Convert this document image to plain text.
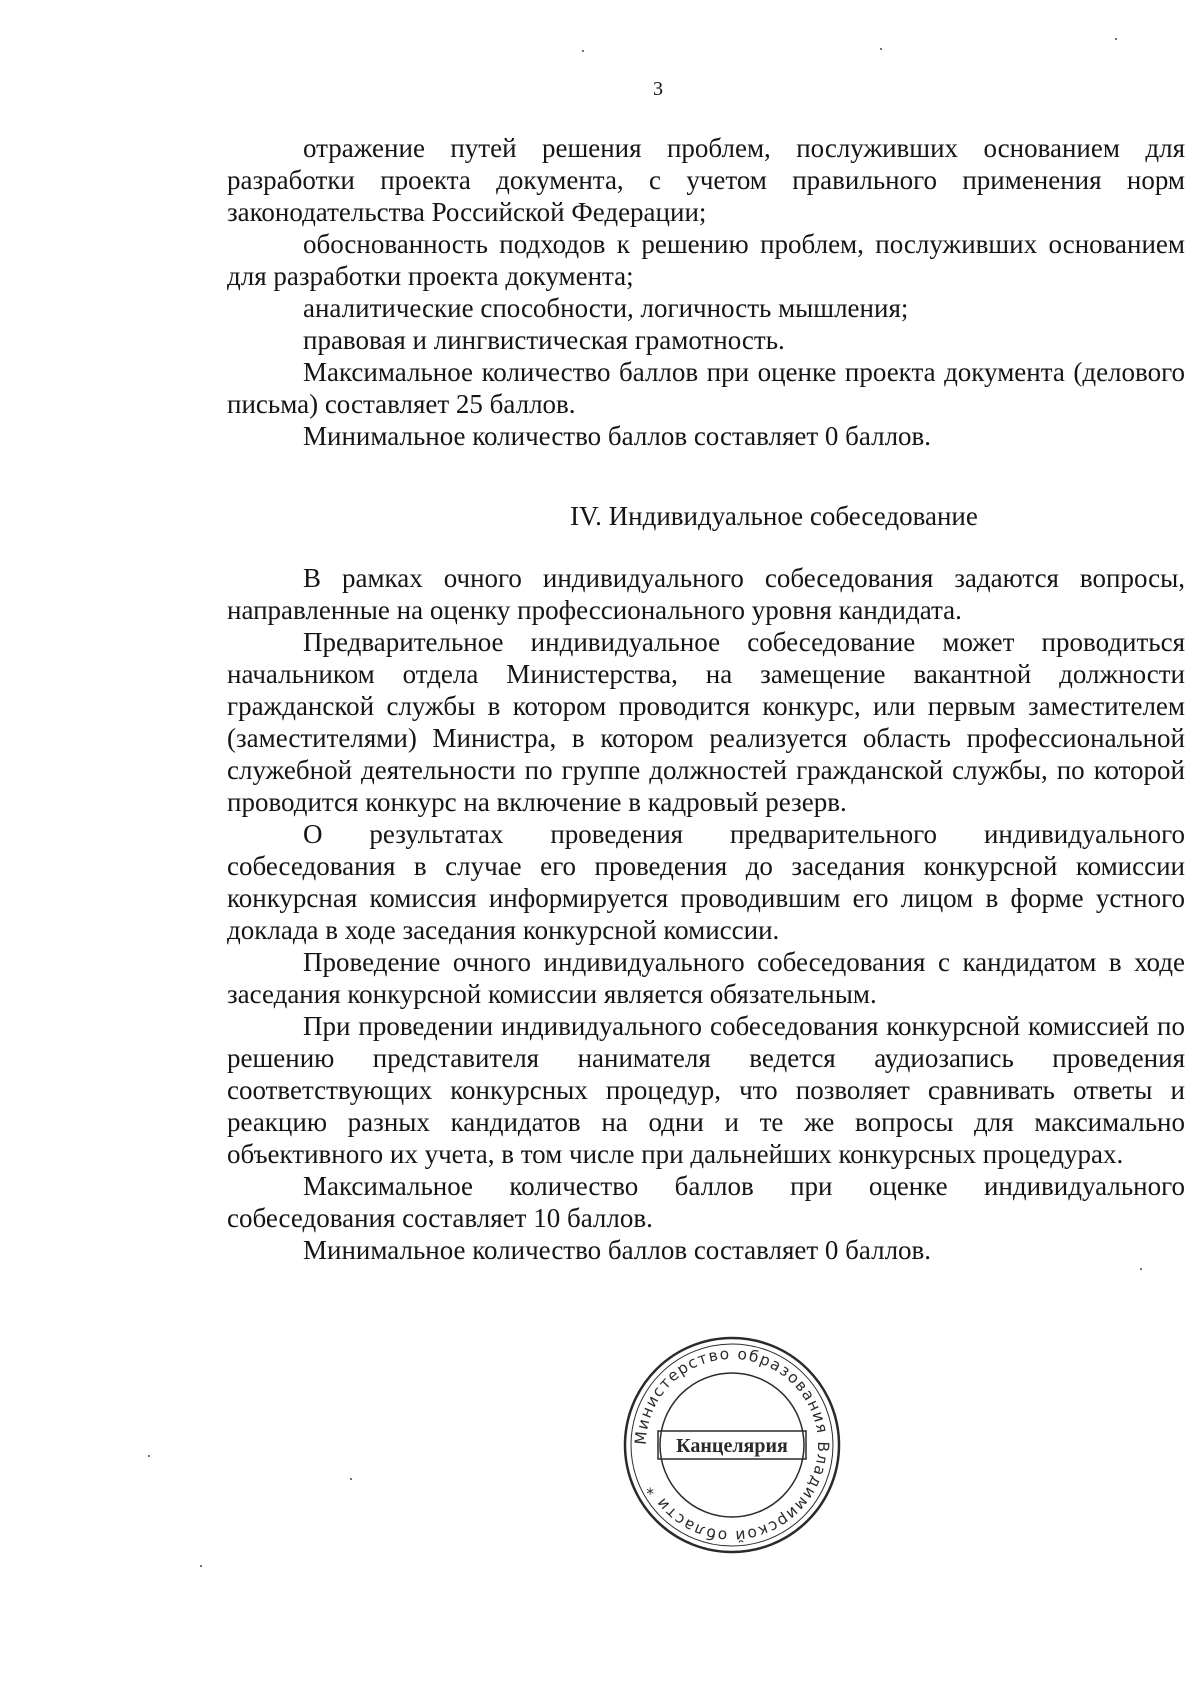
3

отражение путей решения проблем, послуживших основанием для разработки проекта документа, с учетом правильного применения норм законодательства Российской Федерации;

обоснованность подходов к решению проблем, послуживших основанием для разработки проекта документа;

аналитические способности, логичность мышления;

правовая и лингвистическая грамотность.

Максимальное количество баллов при оценке проекта документа (делового письма) составляет 25 баллов.

Минимальное количество баллов составляет 0 баллов.

IV. Индивидуальное собеседование

В рамках очного индивидуального собеседования задаются вопросы, направленные на оценку профессионального уровня кандидата.

Предварительное индивидуальное собеседование может проводиться начальником отдела Министерства, на замещение вакантной должности гражданской службы в котором проводится конкурс, или первым заместителем (заместителями) Министра, в котором реализуется область профессиональной служебной деятельности по группе должностей гражданской службы, по которой проводится конкурс на включение в кадровый резерв.

О результатах проведения предварительного индивидуального собеседования в случае его проведения до заседания конкурсной комиссии конкурсная комиссия информируется проводившим его лицом в форме устного доклада в ходе заседания конкурсной комиссии.

Проведение очного индивидуального собеседования с кандидатом в ходе заседания конкурсной комиссии является обязательным.

При проведении индивидуального собеседования конкурсной комиссией по решению представителя нанимателя ведется аудиозапись проведения соответствующих конкурсных процедур, что позволяет сравнивать ответы и реакцию разных кандидатов на одни и те же вопросы для максимально объективного их учета, в том числе при дальнейших конкурсных процедурах.

Максимальное количество баллов при оценке индивидуального собеседования составляет 10 баллов.

Минимальное количество баллов составляет 0 баллов.

Министерство образования Владимирской области *
Канцелярия
